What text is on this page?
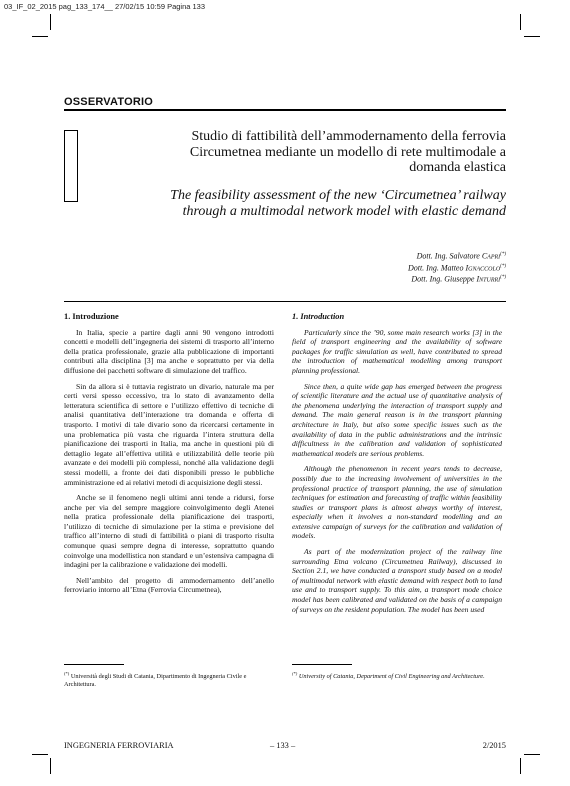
03_IF_02_2015 pag_133_174__ 27/02/15 10:59 Pagina 133
OSSERVATORIO
Studio di fattibilità dell’ammodernamento della ferrovia Circumetnea mediante un modello di rete multimodale a domanda elastica
The feasibility assessment of the new ‘Circumetnea’ railway through a multimodal network model with elastic demand
Dott. Ing. Salvatore Capri(*)
Dott. Ing. Matteo Ignaccolo(*)
Dott. Ing. Giuseppe Inturri(*)
1. Introduzione

In Italia, specie a partire dagli anni 90 vengono introdotti concetti e modelli dell’ingegneria dei sistemi di trasporto all’interno della pratica professionale, grazie alla pubblicazione di importanti contributi alla disciplina [3] ma anche e soprattutto per via della diffusione dei pacchetti software di simulazione del traffico.

Sin da allora si è tuttavia registrato un divario, naturale ma per certi versi spesso eccessivo, tra lo stato di avanzamento della letteratura scientifica di settore e l’utilizzo effettivo di tecniche di analisi quantitativa dell’interazione tra domanda e offerta di trasporto. I motivi di tale divario sono da ricercarsi certamente in una problematica più vasta che riguarda l’intera struttura della pianificazione dei trasporti in Italia, ma anche in questioni più di dettaglio legate all’effettiva utilità e utilizzabilità delle teorie più avanzate e dei modelli più complessi, nonché alla validazione degli stessi modelli, a fronte dei dati disponibili presso le pubbliche amministrazione ed ai relativi metodi di acquisizione degli stessi.

Anche se il fenomeno negli ultimi anni tende a ridursi, forse anche per via del sempre maggiore coinvolgimento degli Atenei nella pratica professionale della pianificazione dei trasporti, l’utilizzo di tecniche di simulazione per la stima e previsione del traffico all’interno di studi di fattibilità o piani di trasporto risulta comunque quasi sempre degna di interesse, soprattutto quando coinvolge una modellistica non standard e un’estensiva campagna di indagini per la calibrazione e validazione dei modelli.

Nell’ambito del progetto di ammodernamento dell’anello ferroviario intorno all’Etna (Ferrovia Circumetnea),

1. Introduction

Particularly since the ’90, some main research works [3] in the field of transport engineering and the availability of software packages for traffic simulation as well, have contributed to spread the introduction of mathematical modelling among transport planning professional.

Since then, a quite wide gap has emerged between the progress of scientific literature and the actual use of quantitative analysis of the phenomena underlying the interaction of transport supply and demand. The main general reason is in the transport planning architecture in Italy, but also some specific issues such as the availability of data in the public administrations and the intrinsic difficultness in the calibration and validation of sophisticated mathematical models are serious problems.

Although the phenomenon in recent years tends to decrease, possibly due to the increasing involvement of universities in the professional practice of transport planning, the use of simulation techniques for estimation and forecasting of traffic within feasibility studies or transport plans is almost always worthy of interest, especially when it involves a non-standard modelling and an extensive campaign of surveys for the calibration and validation of models.

As part of the modernization project of the railway line surrounding Etna volcano (Circumetnea Railway), discussed in Section 2.1, we have conducted a transport study based on a model of multimodal network with elastic demand with respect both to land use and to transport supply. To this aim, a transport mode choice model has been calibrated and validated on the basis of a campaign of surveys on the resident population. The model has been used

(*) Università degli Studi di Catania, Dipartimento di Ingegneria Civile e Architettura.
(*) University of Catania, Department of Civil Engineering and Architecture.
INGEGNERIA FERROVIARIA	– 133 –	2/2015
